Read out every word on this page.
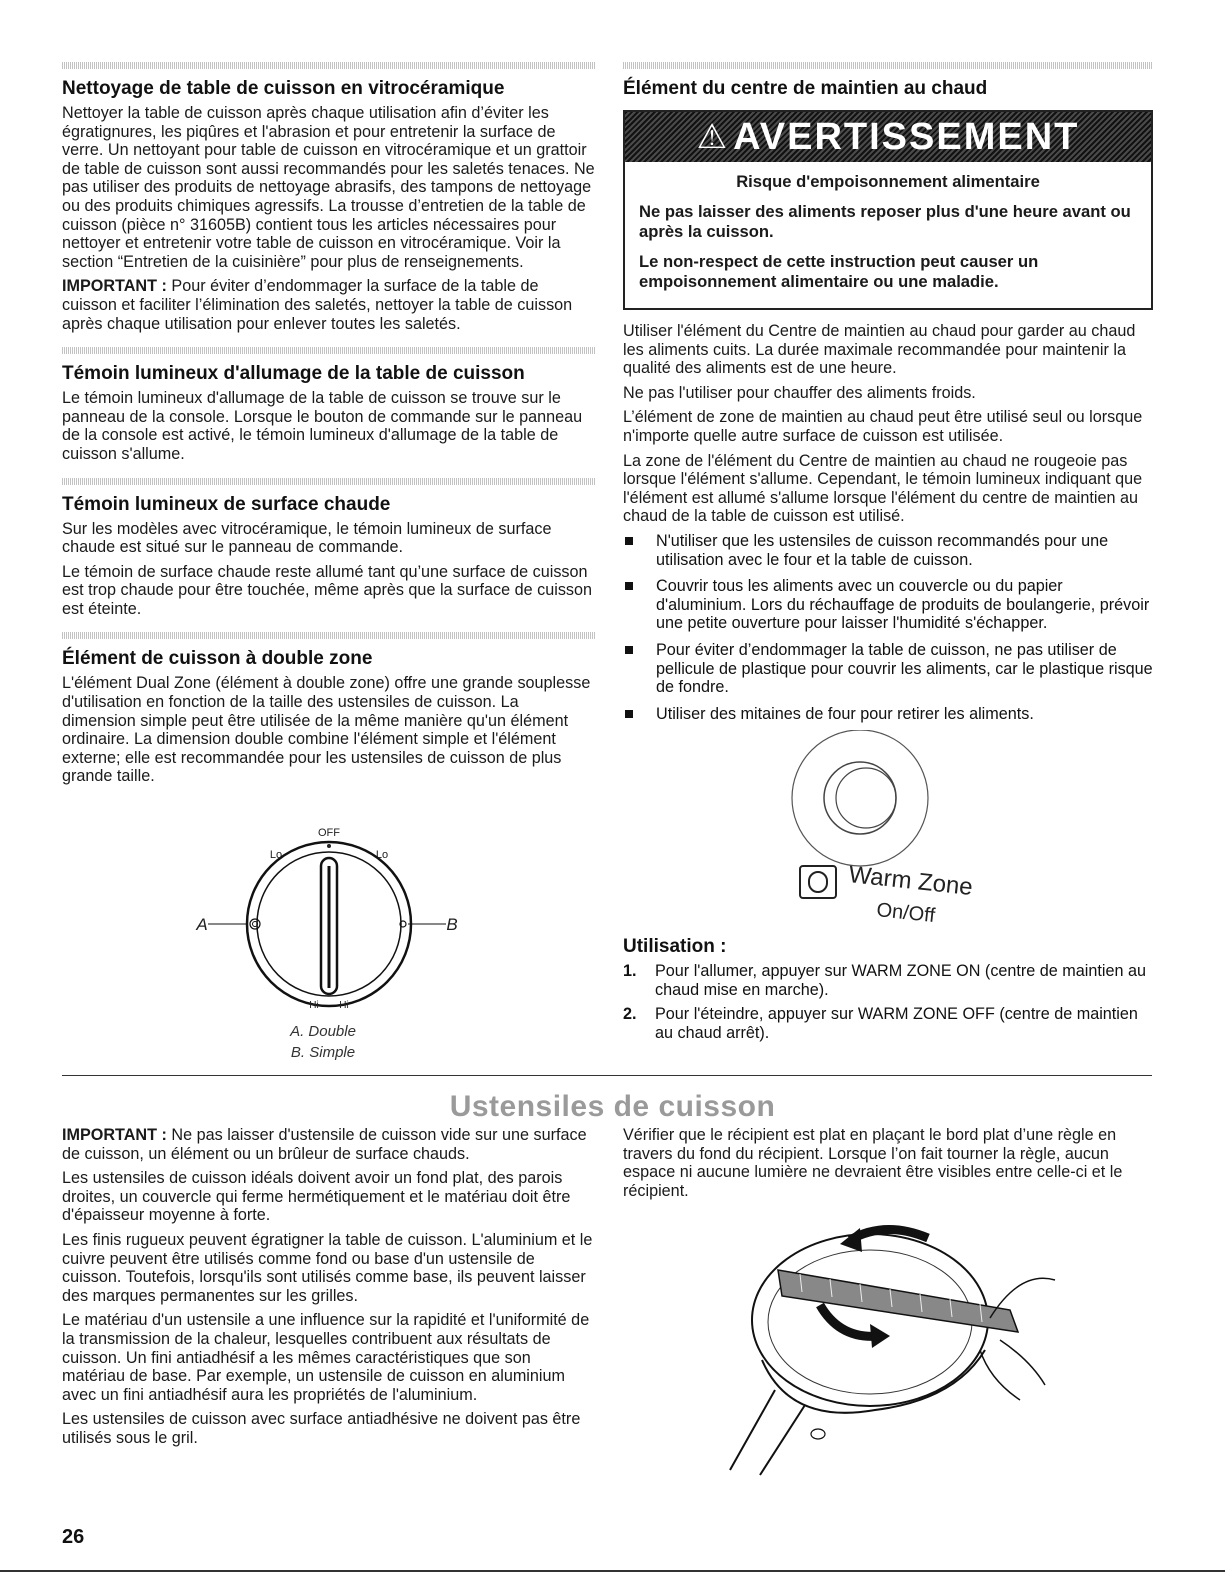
Nettoyage de table de cuisson en vitrocéramique

Nettoyer la table de cuisson après chaque utilisation afin d’éviter les égratignures, les piqûres et l'abrasion et pour entretenir la surface de verre. Un nettoyant pour table de cuisson en vitrocéramique et un grattoir de table de cuisson sont aussi recommandés pour les saletés tenaces. Ne pas utiliser des produits de nettoyage abrasifs, des tampons de nettoyage ou des produits chimiques agressifs. La trousse d’entretien de la table de cuisson (pièce n° 31605B) contient tous les articles nécessaires pour nettoyer et entretenir votre table de cuisson en vitrocéramique. Voir la section “Entretien de la cuisinière” pour plus de renseignements.

IMPORTANT : Pour éviter d’endommager la surface de la table de cuisson et faciliter l’élimination des saletés, nettoyer la table de cuisson après chaque utilisation pour enlever toutes les saletés.

Témoin lumineux d'allumage de la table de cuisson

Le témoin lumineux d'allumage de la table de cuisson se trouve sur le panneau de la console. Lorsque le bouton de commande sur le panneau de la console est activé, le témoin lumineux d'allumage de la table de cuisson s'allume.

Témoin lumineux de surface chaude

Sur les modèles avec vitrocéramique, le témoin lumineux de surface chaude est situé sur le panneau de commande.

Le témoin de surface chaude reste allumé tant qu’une surface de cuisson est trop chaude pour être touchée, même après que la surface de cuisson est éteinte.

Élément de cuisson à double zone

L'élément Dual Zone (élément à double zone) offre une grande souplesse d'utilisation en fonction de la taille des ustensiles de cuisson. La dimension simple peut être utilisée de la même manière qu'un élément ordinaire. La dimension double combine l'élément simple et l'élément externe; elle est recommandée pour les ustensiles de cuisson de plus grande taille.

OFF
Lo	Lo
A	B
Hi Hi
A. Double
B. Simple
Élément du centre de maintien au chaud
⚠ AVERTISSEMENT

Risque d'empoisonnement alimentaire

Ne pas laisser des aliments reposer plus d'une heure avant ou après la cuisson.

Le non-respect de cette instruction peut causer un empoisonnement alimentaire ou une maladie.

Utiliser l'élément du Centre de maintien au chaud pour garder au chaud les aliments cuits. La durée maximale recommandée pour maintenir la qualité des aliments est de une heure.

Ne pas l'utiliser pour chauffer des aliments froids.

L’élément de zone de maintien au chaud peut être utilisé seul ou lorsque n'importe quelle autre surface de cuisson est utilisée.

La zone de l'élément du Centre de maintien au chaud ne rougeoie pas lorsque l'élément s'allume. Cependant, le témoin lumineux indiquant que l'élément est allumé s'allume lorsque l'élément du centre de maintien au chaud de la table de cuisson est utilisé.

N'utiliser que les ustensiles de cuisson recommandés pour une utilisation avec le four et la table de cuisson.
Couvrir tous les aliments avec un couvercle ou du papier d'aluminium. Lors du réchauffage de produits de boulangerie, prévoir une petite ouverture pour laisser l'humidité s'échapper.
Pour éviter d’endommager la table de cuisson, ne pas utiliser de pellicule de plastique pour couvrir les aliments, car le plastique risque de fondre.
Utiliser des mitaines de four pour retirer les aliments.
Warm Zone
On/Off
Utilisation :
1. Pour l'allumer, appuyer sur WARM ZONE ON (centre de maintien au chaud mise en marche).
2. Pour l'éteindre, appuyer sur WARM ZONE OFF (centre de maintien au chaud arrêt).
Ustensiles de cuisson

IMPORTANT : Ne pas laisser d'ustensile de cuisson vide sur une surface de cuisson, un élément ou un brûleur de surface chauds.

Les ustensiles de cuisson idéals doivent avoir un fond plat, des parois droites, un couvercle qui ferme hermétiquement et le matériau doit être d'épaisseur moyenne à forte.

Les finis rugueux peuvent égratigner la table de cuisson. L'aluminium et le cuivre peuvent être utilisés comme fond ou base d'un ustensile de cuisson. Toutefois, lorsqu'ils sont utilisés comme base, ils peuvent laisser des marques permanentes sur les grilles.

Le matériau d'un ustensile a une influence sur la rapidité et l'uniformité de la transmission de la chaleur, lesquelles contribuent aux résultats de cuisson. Un fini antiadhésif a les mêmes caractéristiques que son matériau de base. Par exemple, un ustensile de cuisson en aluminium avec un fini antiadhésif aura les propriétés de l'aluminium.

Les ustensiles de cuisson avec surface antiadhésive ne doivent pas être utilisés sous le gril.

Vérifier que le récipient est plat en plaçant le bord plat d’une règle en travers du fond du récipient. Lorsque l’on fait tourner la règle, aucun espace ni aucune lumière ne devraient être visibles entre celle-ci et le récipient.

26
